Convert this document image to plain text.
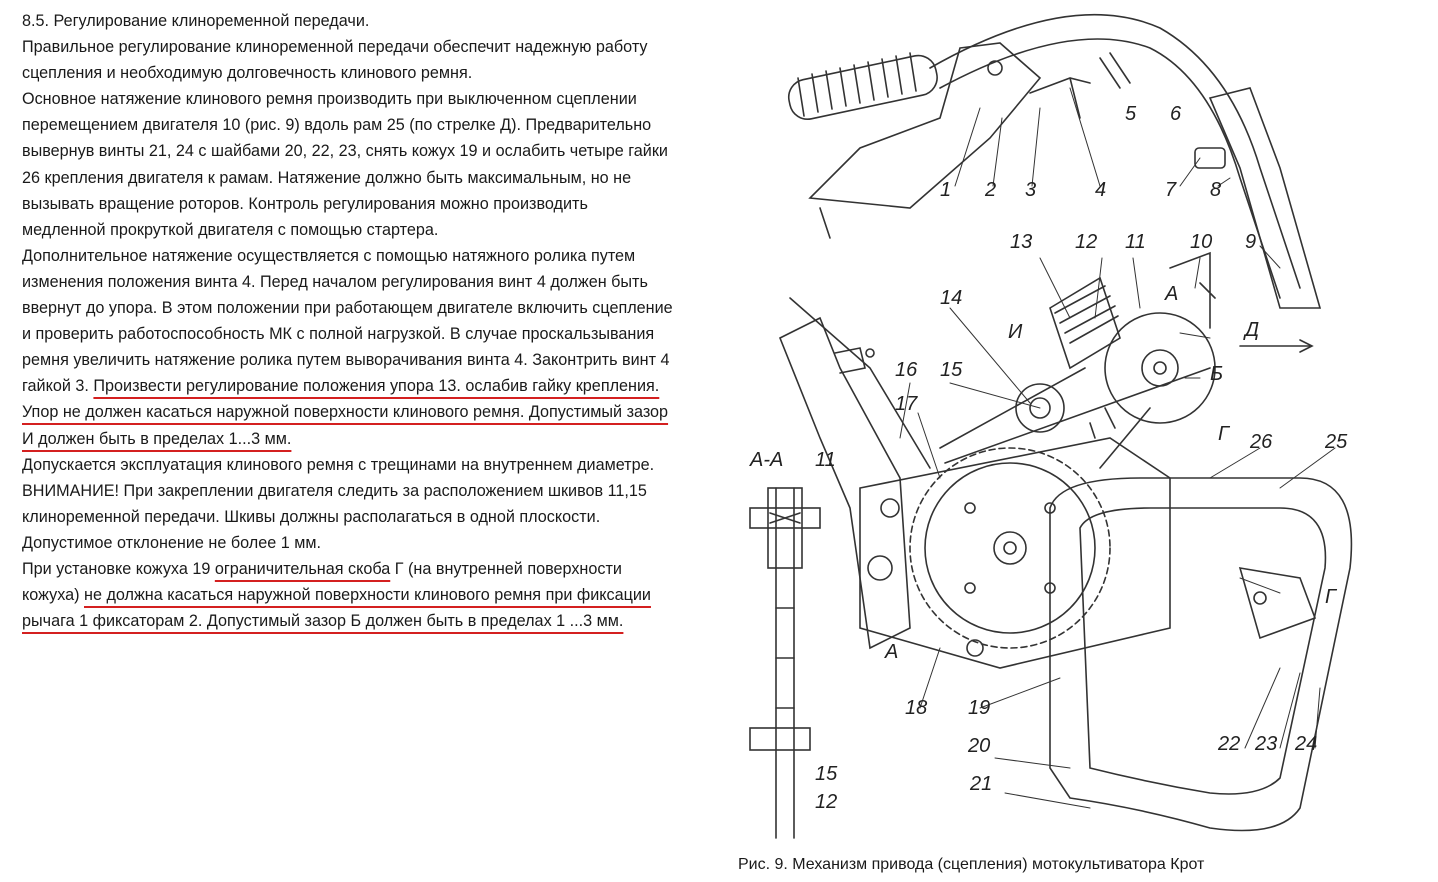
8.5. Регулирование клиноременной передачи.

Правильное регулирование клиноременной передачи обеспечит надежную работу

сцепления и необходимую долговечность клинового ремня.

Основное натяжение клинового ремня производить при выключенном сцеплении

перемещением двигателя 10 (рис. 9) вдоль рам 25 (по стрелке Д). Предварительно

вывернув винты 21, 24 с шайбами 20, 22, 23, снять кожух 19 и ослабить четыре гайки

26 крепления двигателя к рамам. Натяжение должно быть максимальным, но не

вызывать вращение роторов. Контроль регулирования можно производить

медленной прокруткой двигателя с помощью стартера.

Дополнительное натяжение осуществляется с помощью натяжного ролика путем

изменения положения винта 4. Перед началом регулирования винт 4 должен быть

ввернут до упора. В этом положении при работающем двигателе включить сцепление

и проверить работоспособность МК с полной нагрузкой. В случае проскальзывания

ремня увеличить натяжение ролика путем выворачивания винта 4. Законтрить винт 4

гайкой 3. Произвести регулирование положения упора 13. ослабив гайку крепления.

Упор не должен касаться наружной поверхности клинового ремня. Допустимый зазор

И должен быть в пределах 1...3 мм.

Допускается эксплуатация клинового ремня с трещинами на внутреннем диаметре.

ВНИМАНИЕ! При закреплении двигателя следить за расположением шкивов 11,15

клиноременной передачи. Шкивы должны располагаться в одной плоскости.

Допустимое отклонение не более 1 мм.

При установке кожуха 19 ограничительная скоба Г (на внутренней поверхности

кожуха) не должна касаться наружной поверхности клинового ремня при фиксации

рычага 1 фиксаторам 2. Допустимый зазор Б должен быть в пределах 1 ...3 мм.

1 2 3	4
5 6
7 8
9
10
11
12
13
14
15
16
17
18 19
20
21
22 23 24
25
26
А-А 11
15
12
А
А
Б
Г
Г
Д
И
Рис. 9. Механизм привода (сцепления) мотокультиватора Крот
